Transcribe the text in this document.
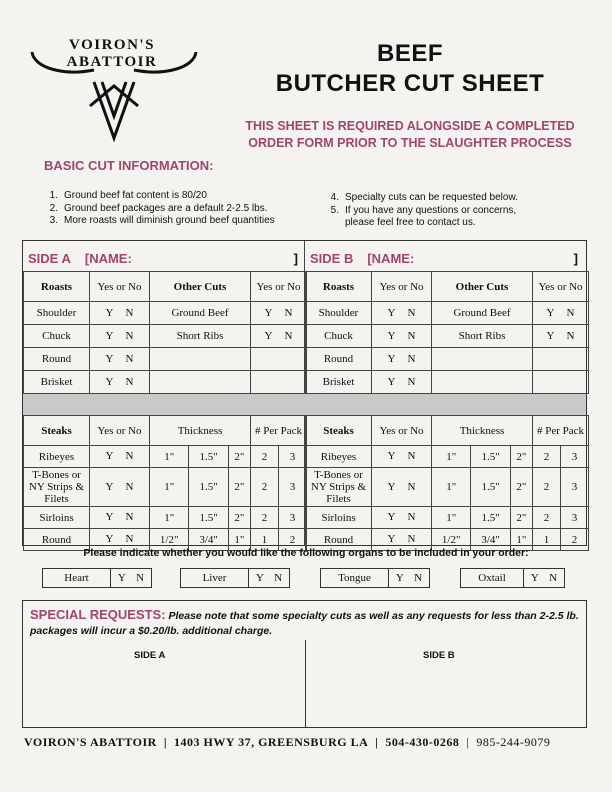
VOIRON'S ABATTOIR	BEEF
BUTCHER CUT SHEET
THIS SHEET IS REQUIRED ALONGSIDE A COMPLETED
ORDER FORM PRIOR TO THE SLAUGHTER PROCESS
BASIC CUT INFORMATION:
1. Ground beef fat content is 80/20
2. Ground beef packages are a default 2-2.5 lbs.
3. More roasts will diminish ground beef quantities
4. Specialty cuts can be requested below.
5. If you have any questions or concerns,
please feel free to contact us.
SIDE A [NAME:	] SIDE B [NAME:	]
Roasts	Yes or No	Other Cuts	Yes or No
Shoulder	Y N	Ground Beef	Y N
Chuck	Y N	Short Ribs	Y N
Round	Y N		
Brisket	Y N		
Roasts	Yes or No	Other Cuts	Yes or No
Shoulder	Y N	Ground Beef	Y N
Chuck	Y N	Short Ribs	Y N
Round	Y N		
Brisket	Y N		
Steaks	Yes or No	Thickness			# Per Pack	
Ribeyes	Y N	1"	1.5"	2"	2	3
T-Bones or NY Strips & Filets	Y N	1"	1.5"	2"	2	3
Sirloins	Y N	1"	1.5"	2"	2	3
Round	Y N	1/2"	3/4"	1"	1	2
Steaks	Yes or No	Thickness			# Per Pack	
Ribeyes	Y N	1"	1.5"	2"	2	3
T-Bones or NY Strips & Filets	Y N	1"	1.5"	2"	2	3
Sirloins	Y N	1"	1.5"	2"	2	3
Round	Y N	1/2"	3/4"	1"	1	2
Please indicate whether you would like the following organs to be included in your order:
Heart	Y N	Liver	Y N	Tongue	Y N	Oxtail	Y N
SPECIAL REQUESTS: Please note that some specialty cuts as well as any requests for less than 2-2.5 lb. packages will incur a $0.20/lb. additional charge.
SIDE A	SIDE B
VOIRON'S ABATTOIR | 1403 HWY 37, GREENSBURG LA | 504-430-0268 | 985-244-9079
